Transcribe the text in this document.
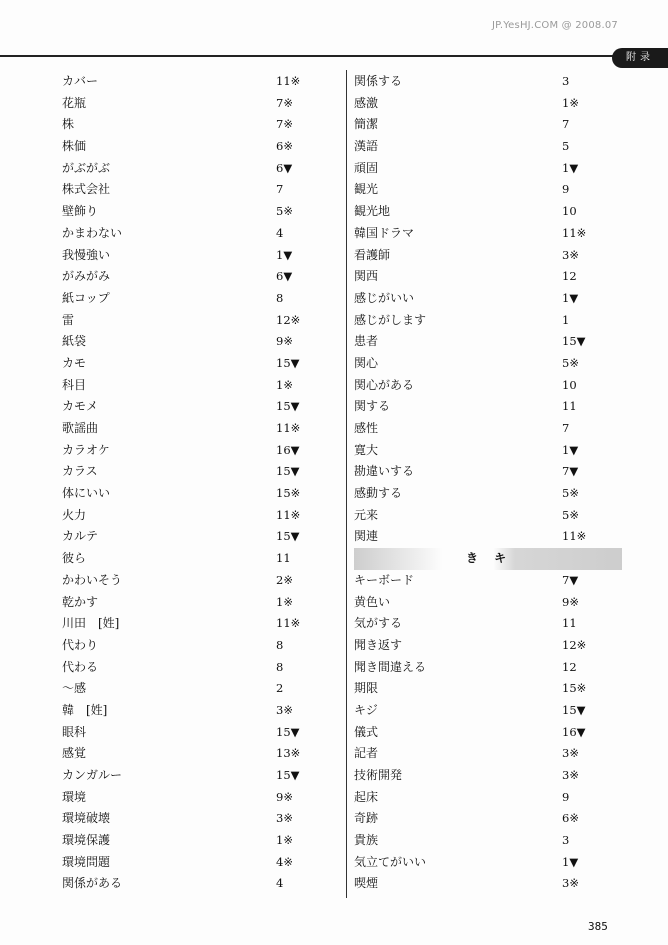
JP.YesHJ.COM @ 2008.07
附录
カバー	11※
花瓶	7※
株	7※
株価	6※
がぶがぶ	6▼
株式会社	7
壁飾り	5※
かまわない	4
我慢強い	1▼
がみがみ	6▼
紙コップ	8
雷	12※
紙袋	9※
カモ	15▼
科目	1※
カモメ	15▼
歌謡曲	11※
カラオケ	16▼
カラス	15▼
体にいい	15※
火力	11※
カルテ	15▼
彼ら	11
かわいそう	2※
乾かす	1※
川田　[姓]	11※
代わり	8
代わる	8
～感	2
韓　[姓]	3※
眼科	15▼
感覚	13※
カンガルー	15▼
環境	9※
環境破壊	3※
環境保護	1※
環境問題	4※
関係がある	4
関係する	3
感激	1※
簡潔	7
漢語	5
頑固	1▼
観光	9
観光地	10
韓国ドラマ	11※
看護師	3※
関西	12
感じがいい	1▼
感じがします	1
患者	15▼
関心	5※
関心がある	10
関する	11
感性	7
寛大	1▼
勘違いする	7▼
感動する	5※
元来	5※
関連	11※
き キ
キーボード	7▼
黄色い	9※
気がする	11
聞き返す	12※
聞き間違える	12
期限	15※
キジ	15▼
儀式	16▼
記者	3※
技術開発	3※
起床	9
奇跡	6※
貴族	3
気立てがいい	1▼
喫煙	3※
385
